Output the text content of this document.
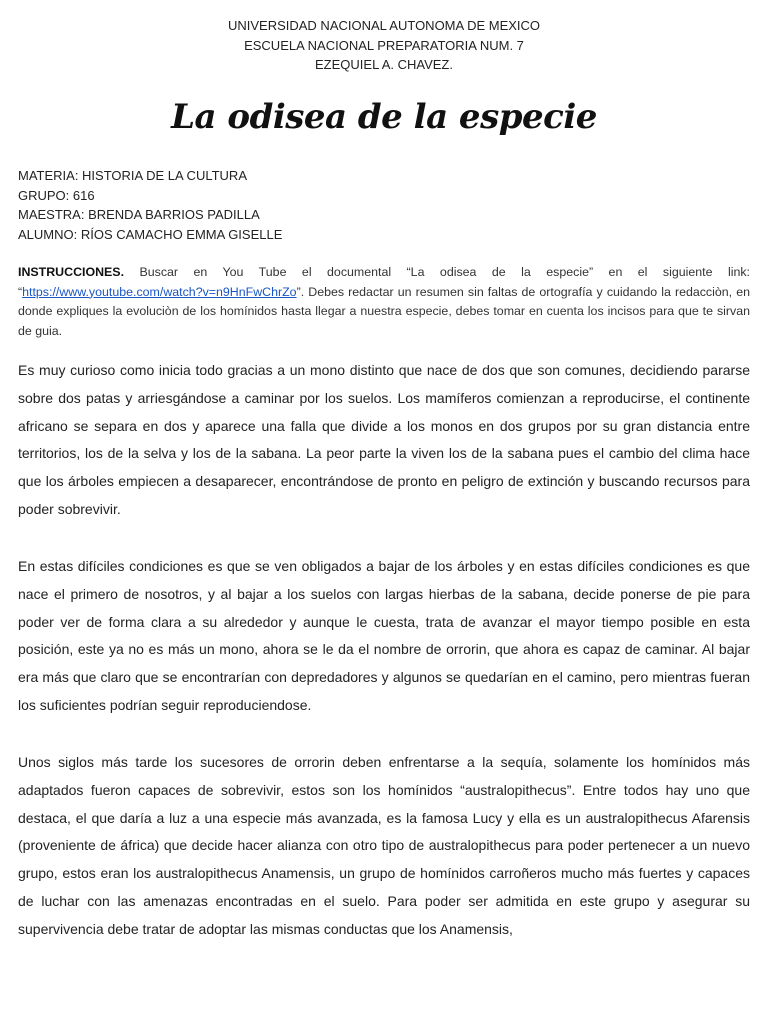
UNIVERSIDAD NACIONAL AUTONOMA DE MEXICO
ESCUELA NACIONAL PREPARATORIA NUM. 7
EZEQUIEL A. CHAVEZ.
La odisea de la especie
MATERIA: HISTORIA DE LA CULTURA
GRUPO: 616
MAESTRA: BRENDA BARRIOS PADILLA
ALUMNO: RÍOS CAMACHO EMMA GISELLE
INSTRUCCIONES. Buscar en You Tube el documental “La odisea de la especie” en el siguiente link: “https://www.youtube.com/watch?v=n9HnFwChrZo”. Debes redactar un resumen sin faltas de ortografía y cuidando la redacciòn, en donde expliques la evoluciòn de los homínidos hasta llegar a nuestra especie, debes tomar en cuenta los incisos para que te sirvan de guia.
Es muy curioso como inicia todo gracias a un mono distinto que nace de dos que son comunes, decidiendo pararse sobre dos patas y arriesgándose a caminar por los suelos. Los mamíferos comienzan a reproducirse, el continente africano se separa en dos y aparece una falla que divide a los monos en dos grupos por su gran distancia entre territorios, los de la selva y los de la sabana. La peor parte la viven los de la sabana pues el cambio del clima hace que los árboles empiecen a desaparecer, encontrándose de pronto en peligro de extinción y buscando recursos para poder sobrevivir.
En estas difíciles condiciones es que se ven obligados a bajar de los árboles y en estas difíciles condiciones es que nace el primero de nosotros, y al bajar a los suelos con largas hierbas de la sabana, decide ponerse de pie para poder ver de forma clara a su alrededor y aunque le cuesta, trata de avanzar el mayor tiempo posible en esta posición, este ya no es más un mono, ahora se le da el nombre de orrorin, que ahora es capaz de caminar. Al bajar era más que claro que se encontrarían con depredadores y algunos se quedarían en el camino, pero mientras fueran los suficientes podrían seguir reproduciendose.
Unos siglos más tarde los sucesores de orrorin deben enfrentarse a la sequía, solamente los homínidos más adaptados fueron capaces de sobrevivir, estos son los homínidos “australopithecus”. Entre todos hay uno que destaca, el que daría a luz a una especie más avanzada, es la famosa Lucy y ella es un australopithecus Afarensis (proveniente de áfrica) que decide hacer alianza con otro tipo de australopithecus para poder pertenecer a un nuevo grupo, estos eran los australopithecus Anamensis, un grupo de homínidos carroñeros mucho más fuertes y capaces de luchar con las amenazas encontradas en el suelo. Para poder ser admitida en este grupo y asegurar su supervivencia debe tratar de adoptar las mismas conductas que los Anamensis,
